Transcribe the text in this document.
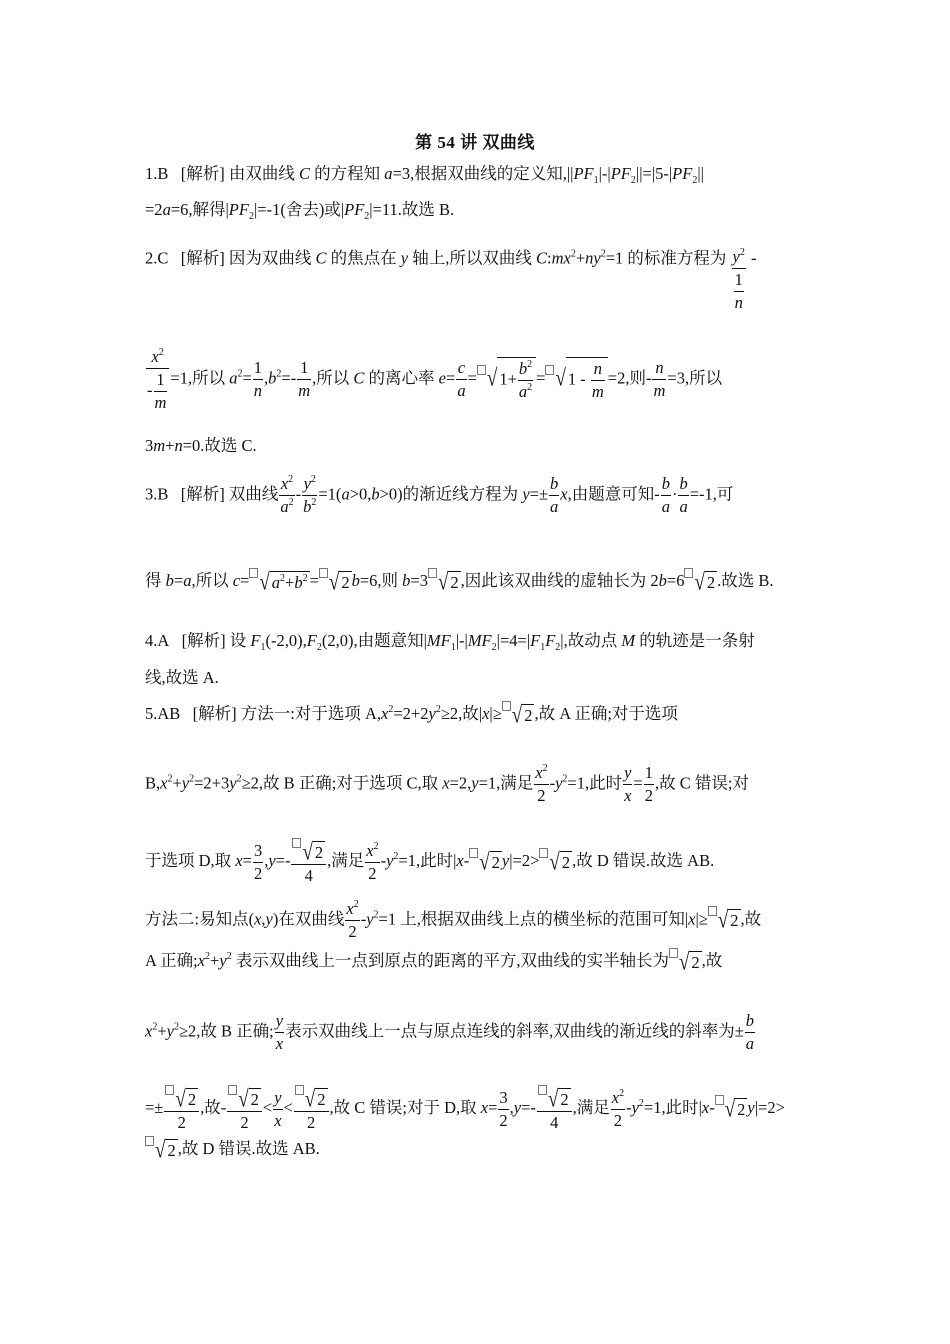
第 54 讲 双曲线
1.B   [解析] 由双曲线 C 的方程知 a=3,根据双曲线的定义知$,||PF_1|-|PF_2||=|5-|PF_2||$
=2a=6,解得$|PF_2|=-1$(舍去)或$|PF_2|=11$.故选 B.
2.C   [解析] 因为双曲线 C 的焦点在 y 轴上,所以双曲线 $C:mx^2+ny^2=1$ 的标准方程为 $\frac{y^2}{\frac{1}{n}}$ -
$\frac{x^2}{- \frac{1}{m}} =1$,所以 $a^2= \frac{1}{n} ,b^2=- \frac{1}{m}$ ,所以 C 的离心率 $e= \frac{c}{a}$ = √ $1+ \frac{b^2}{a^2}$ = √ $1 - \frac{n}{m} =2$,则- $\frac{n}{m} =3$,所以
3m+n=0.故选 C.
3.B   [解析] 双曲线 $\frac{x^2}{a^2} - \frac{y^2}{b^2} =1(a>0,b>0)$的渐近线方程为 $y=\pm \frac{b}{a} x$,由题意可知- $\frac{b}{a} \cdot \frac{b}{a} =-1$,可
得 b=a,所以 c= √ $a^2+b^2$ = √ 2 b=6,则 b=3 √ 2 ,因此该双曲线的虚轴长为 2b=6 √ 2 .故选 B.
4.A   [解析] 设 $F_1(-2,0),F_2(2,0)$,由题意知$|MF_1|-|MF_2|=4=|F_1F_2|$,故动点 M 的轨迹是一条射
线,故选 A.
5.AB   [解析] 方法一:对于选项 $A,x^2=2+2y^2\ge 2$,故|x|≥ √ 2 ,故 A 正确;对于选项
$B,x^2+y^2=2+3y^2\ge 2$,故 B 正确;对于选项 C,取 x=2,y=1,满足 $\frac{x^2}{2} -y^2=1$,此时 $\frac{y}{x} = \frac{1}{2}$ ,故 C 错误;对
于选项 D,取 $x= \frac{3}{2} ,y=- \frac{√ 2}{4}$ ,满足 $\frac{x^2}{2} -y^2=1$,此时|x- √ 2 y|=2> √ 2 ,故 D 错误.故选 AB.
方法二:易知点(x,y)在双曲线 $\frac{x^2}{2} -y^2=1$ 上,根据双曲线上点的横坐标的范围可知|x|≥ √ 2 ,故
A 正确$;x^2+y^2$ 表示双曲线上一点到原点的距离的平方,双曲线的实半轴长为 √ 2 ,故
$x^2+y^2\ge 2$,故 B 正确; $\frac{y}{x}$ 表示双曲线上一点与原点连线的斜率,双曲线的渐近线的斜率为± $\frac{b}{a}$
=± $\frac{√ 2}{2}$ ,故- $\frac{√ 2}{2} < \frac{y}{x} < \frac{√ 2}{2}$ ,故 C 错误;对于 D,取 $x= \frac{3}{2} ,y=- \frac{√ 2}{4}$ ,满足 $\frac{x^2}{2} -y^2=1$,此时|x- √ 2 y|=2>
√ 2 ,故 D 错误.故选 AB.
